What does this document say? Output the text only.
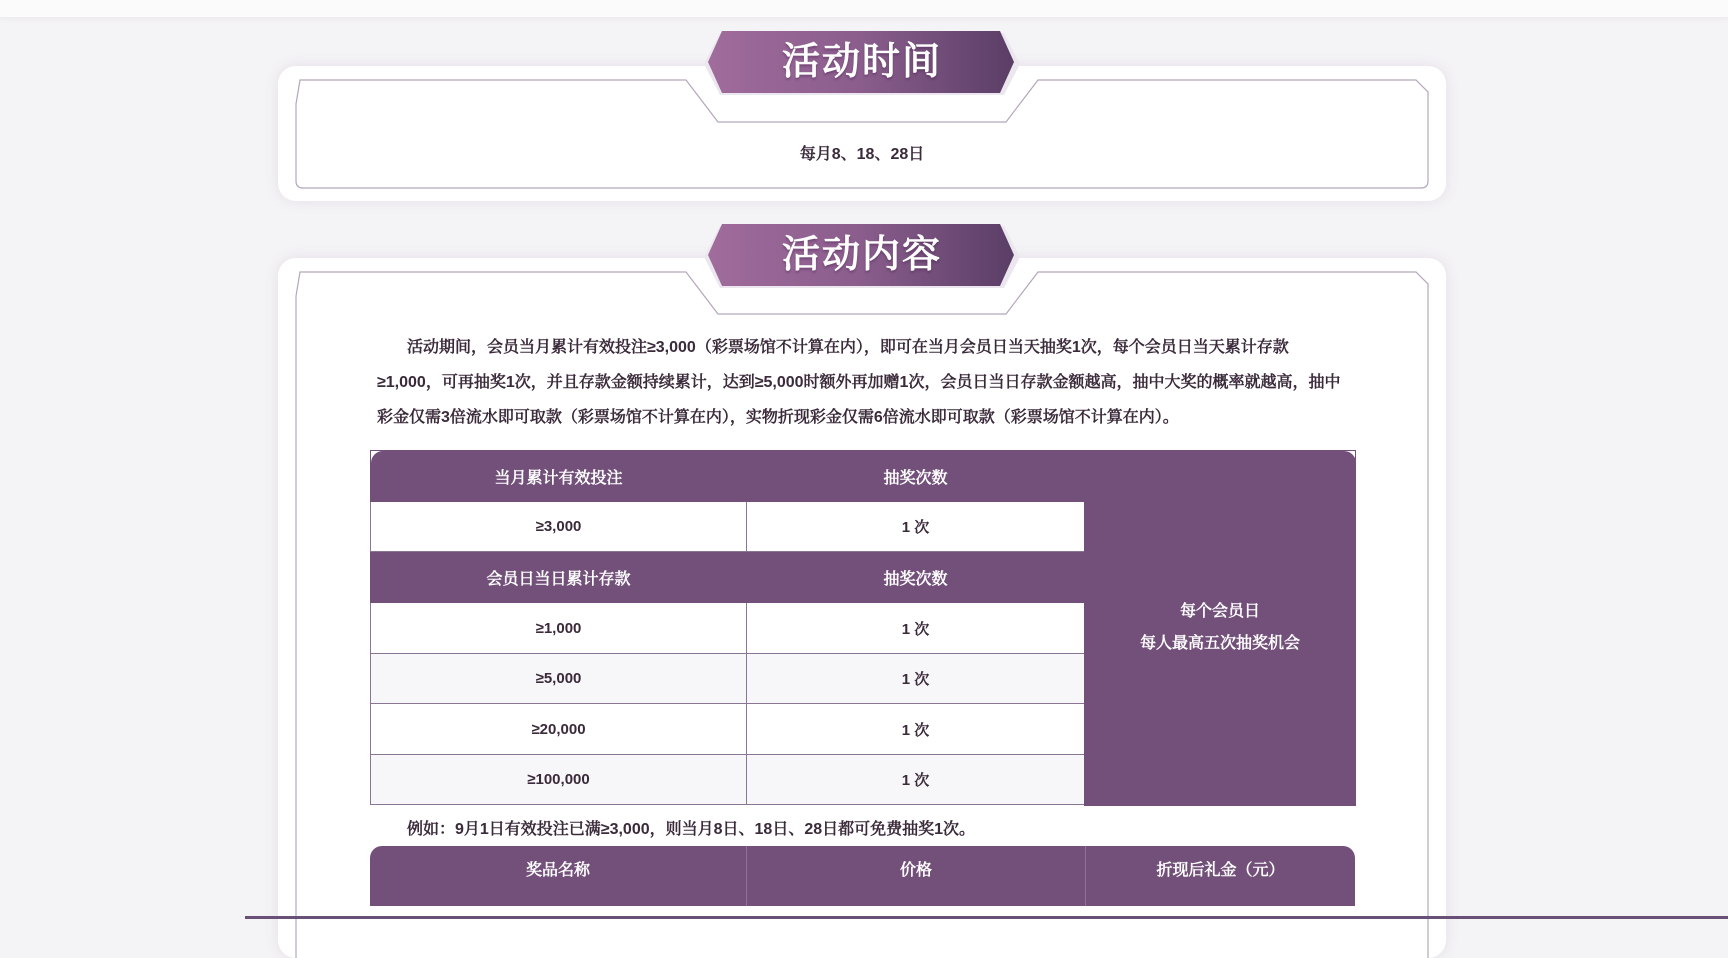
每月8、18、28日
活动时间
活动期间，会员当月累计有效投注≥3,000（彩票场馆不计算在内），即可在当月会员日当天抽奖1次，每个会员日当天累计存款≥1,000，可再抽奖1次，并且存款金额持续累计，达到≥5,000时额外再加赠1次，会员日当日存款金额越高，抽中大奖的概率就越高，抽中彩金仅需3倍流水即可取款（彩票场馆不计算在内），实物折现彩金仅需6倍流水即可取款（彩票场馆不计算在内）。
当月累计有效投注	抽奖次数	每个会员日
每人最高五次抽奖机会

≥3,000	1 次	
会员日当日累计存款	抽奖次数	
≥1,000	1 次	
≥5,000	1 次	
≥20,000	1 次	
≥100,000	1 次	

例如：9月1日有效投注已满≥3,000，则当月8日、18日、28日都可免费抽奖1次。
奖品名称	价格	折现后礼金（元）
活动内容
